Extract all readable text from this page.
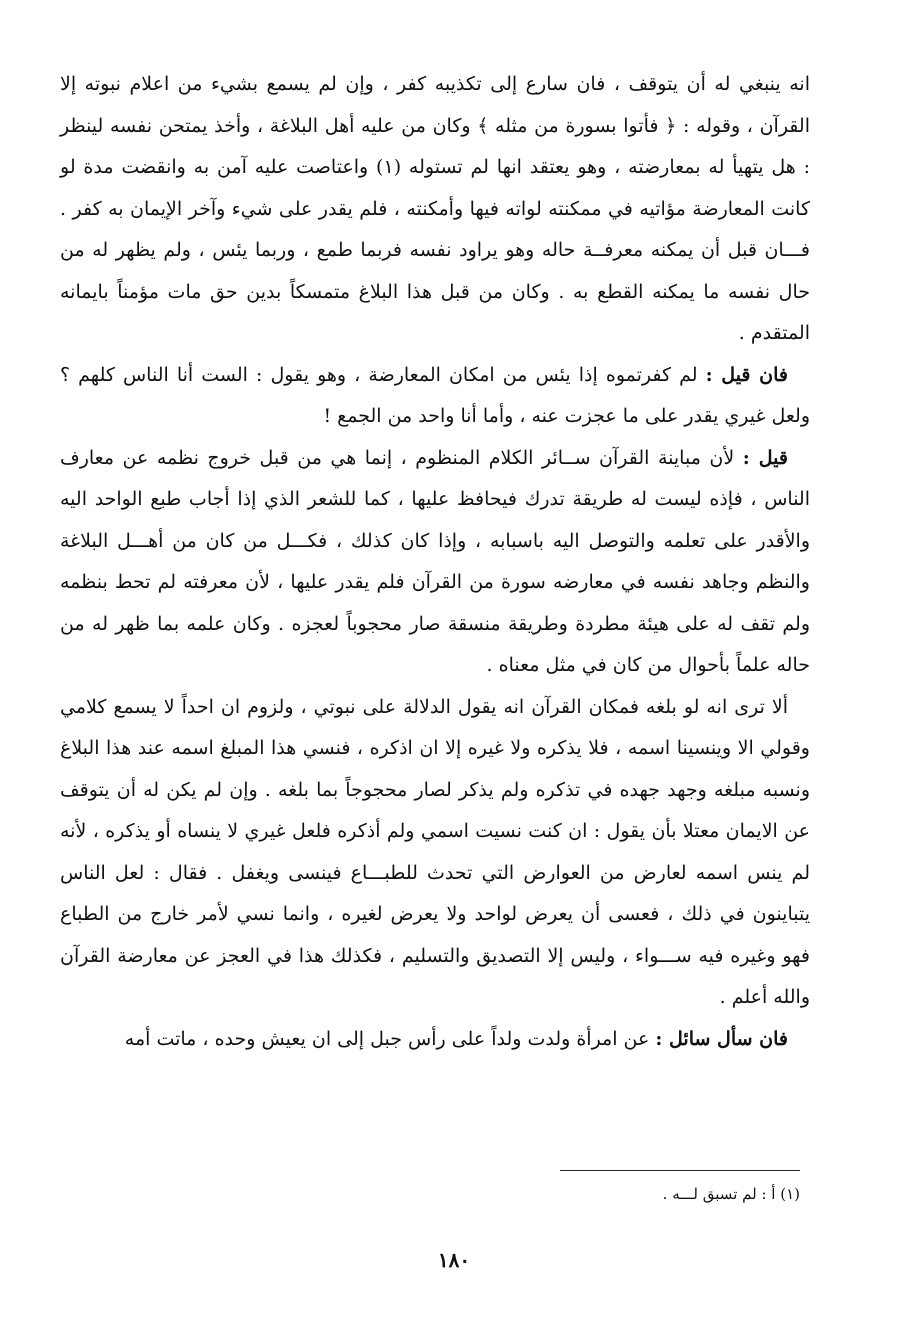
انه ينبغي له أن يتوقف ، فان سارع إلى تكذيبه كفر ، وإن لم يسمع بشيء من اعلام نبوته إلا القرآن ، وقوله : ﴿ فأتوا بسورة من مثله ﴾ وكان من عليه أهل البلاغة ، وأخذ يمتحن نفسه لينظر : هل يتهيأ له بمعارضته ، وهو يعتقد انها لم تستوله (١) واعتاصت عليه آمن به وانقضت مدة لو كانت المعارضة مؤاتيه في ممكنته لواته فيها وأمكنته ، فلم يقدر على شيء وآخر الإيمان به كفر . فـــان قبل أن يمكنه معرفــة حاله وهو يراود نفسه فربما طمع ، وربما يئس ، ولم يظهر له من حال نفسه ما يمكنه القطع به . وكان من قبل هذا البلاغ متمسكاً بدين حق مات مؤمناً بايمانه المتقدم .

فان قيل : لم كفرتموه إذا يئس من امكان المعارضة ، وهو يقول : الست أنا الناس كلهم ؟ ولعل غيري يقدر على ما عجزت عنه ، وأما أنا واحد من الجمع !

قيل : لأن مباينة القرآن ســائر الكلام المنظوم ، إنما هي من قبل خروج نظمه عن معارف الناس ، فإذه ليست له طريقة تدرك فيحافظ عليها ، كما للشعر الذي إذا أجاب طبع الواحد اليه والأقدر على تعلمه والتوصل اليه باسبابه ، وإذا كان كذلك ، فكـــل من كان من أهـــل البلاغة والنظم وجاهد نفسه في معارضه سورة من القرآن فلم يقدر عليها ، لأن معرفته لم تحط بنظمه ولم تقف له على هيئة مطردة وطريقة منسقة صار محجوباً لعجزه . وكان علمه بما ظهر له من حاله علماً بأحوال من كان في مثل معناه .

ألا ترى انه لو بلغه فمكان القرآن انه يقول الدلالة على نبوتي ، ولزوم ان احداً لا يسمع كلامي وقولي الا وينسينا اسمه ، فلا يذكره ولا غيره إلا ان اذكره ، فنسي هذا المبلغ اسمه عند هذا البلاغ ونسبه مبلغه وجهد جهده في تذكره ولم يذكر لصار محجوجاً بما بلغه . وإن لم يكن له أن يتوقف عن الايمان معتلا بأن يقول : ان كنت نسيت اسمي ولم أذكره فلعل غيري لا ينساه أو يذكره ، لأنه لم ينس اسمه لعارض من العوارض التي تحدث للطبـــاع فينسى ويغفل . فقال : لعل الناس يتباينون في ذلك ، فعسى أن يعرض لواحد ولا يعرض لغيره ، وانما نسي لأمر خارج من الطباع فهو وغيره فيه ســـواء ، وليس إلا التصديق والتسليم ، فكذلك هذا في العجز عن معارضة القرآن والله أعلم .

فان سأل سائل : عن امرأة ولدت ولداً على رأس جبل إلى ان يعيش وحده ، ماتت أمه

(١) أ : لم تسبق لـــه .
١٨٠
